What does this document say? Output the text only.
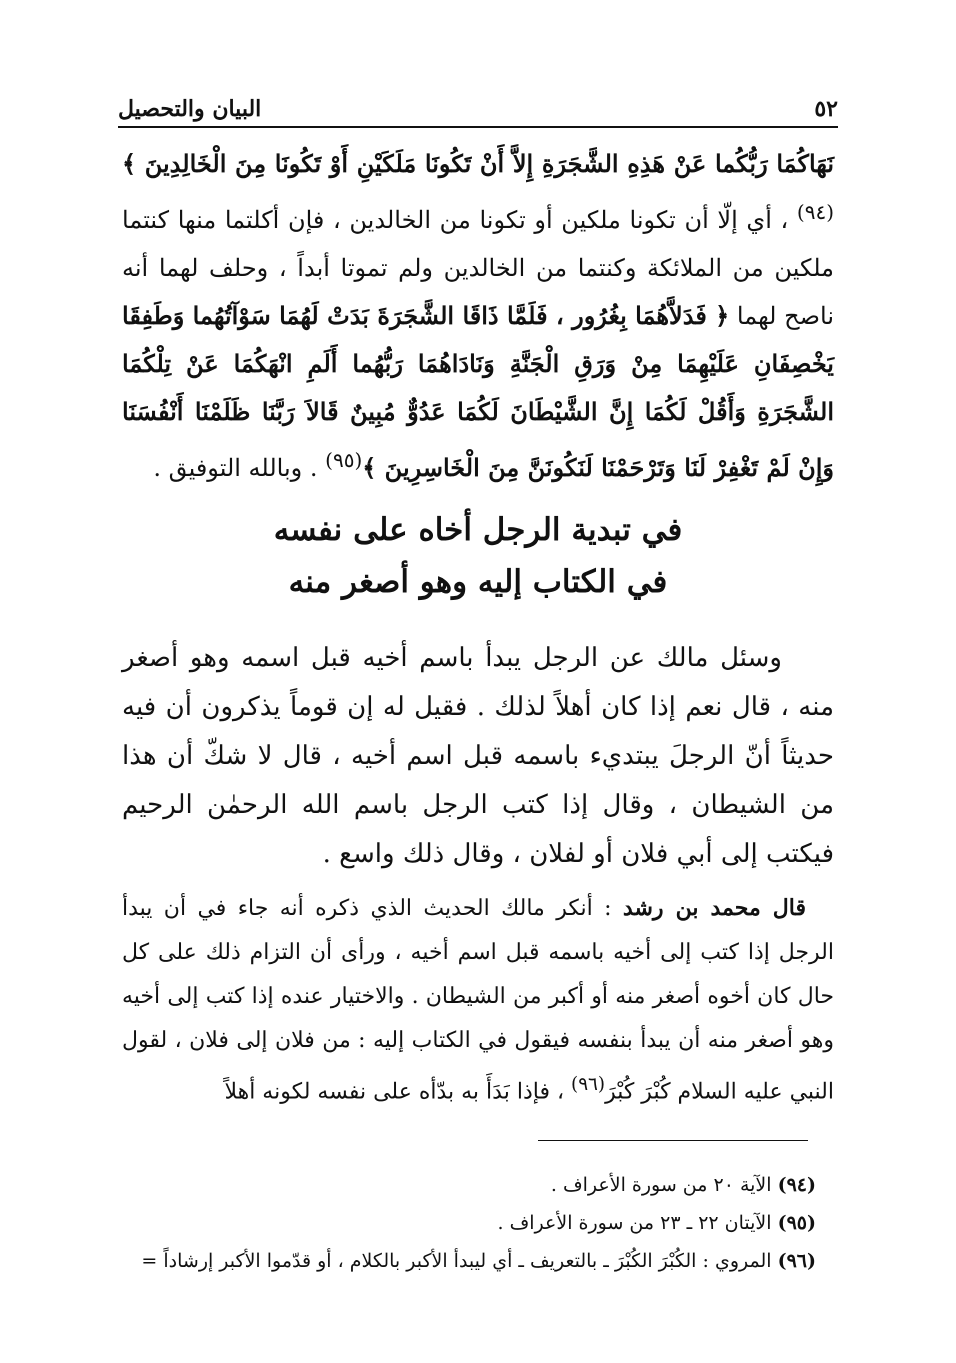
٥٢
البيان والتحصيل
نَهَاكُمَا رَبُّكُما عَنْ هَذِهِ الشَّجَرَةِ إِلاَّ أَنْ تَكُونَا مَلَكَيْنِ أَوْ تَكُونَا مِنَ الْخَالِدِينَ ﴾$^{(٩٤)}$ ، أي إلّا أن تكونا ملكين أو تكونا من الخالدين ، فإن أكلتما منها كنتما ملكين من الملائكة وكنتما من الخالدين ولم تموتا أبداً ، وحلف لهما أنه ناصح لهما ﴿ فَدَلاَّهُمَا بِغُرُور ، فَلَمَّا ذَاقَا الشَّجَرَةَ بَدَتْ لَهُمَا سَوْآتُهُما وَطَفِقَا يَخْصِفَانِ عَلَيْهِمَا مِنْ وَرَقِ الْجَنَّةِ وَنَادَاهُمَا رَبُّهُما أَلَمِ انْهَكُمَا عَنْ تِلْكُمَا الشَّجَرَةِ وَأَقُلْ لَكُمَا إِنَّ الشَّيْطَانَ لَكُمَا عَدُوٌّ مُبِينٌ قَالاَ رَبَّنَا ظَلَمْنَا أَنْفُسَنَا وَإِنْ لَمْ تَغْفِرْ لَنَا وَتَرْحَمْنَا لَنَكُونَنَّ مِنَ الْخَاسِرِينَ ﴾$^{(٩٥)}$ . وبالله التوفيق .
في تبدية الرجل أخاه على نفسه
في الكتاب إليه وهو أصغر منه
وسئل مالك عن الرجل يبدأ باسم أخيه قبل اسمه وهو أصغر منه ، قال نعم إذا كان أهلاً لذلك . فقيل له إن قوماً يذكرون أن فيه حديثاً أنّ الرجلَ يبتديء باسمه قبل اسم أخيه ، قال لا شكّ أن هذا من الشيطان ، وقال إذا كتب الرجل باسم الله الرحمٰن الرحيم فيكتب إلى أبي فلان أو لفلان ، وقال ذلك واسع .
قال محمد بن رشد : أنكر مالك الحديث الذي ذكره أنه جاء في أن يبدأ الرجل إذا كتب إلى أخيه باسمه قبل اسم أخيه ، ورأى أن التزام ذلك على كل حال كان أخوه أصغر منه أو أكبر من الشيطان . والاختيار عنده إذا كتب إلى أخيه وهو أصغر منه أن يبدأ بنفسه فيقول في الكتاب إليه : من فلان إلى فلان ، لقول النبي عليه السلام كُبْرَ كُبْرَ$^{(٩٦)}$ ، فإذا بَدَأَ به بدّأه على نفسه لكونه أهلاً
(٩٤) الآية ٢٠ من سورة الأعراف .
(٩٥) الآيتان ٢٢ ـ ٢٣ من سورة الأعراف .
(٩٦) المروي : الكُبْرَ الكُبْرَ ـ بالتعريف ـ أي ليبدأ الأكبر بالكلام ، أو قدّموا الأكبر إرشاداً =
